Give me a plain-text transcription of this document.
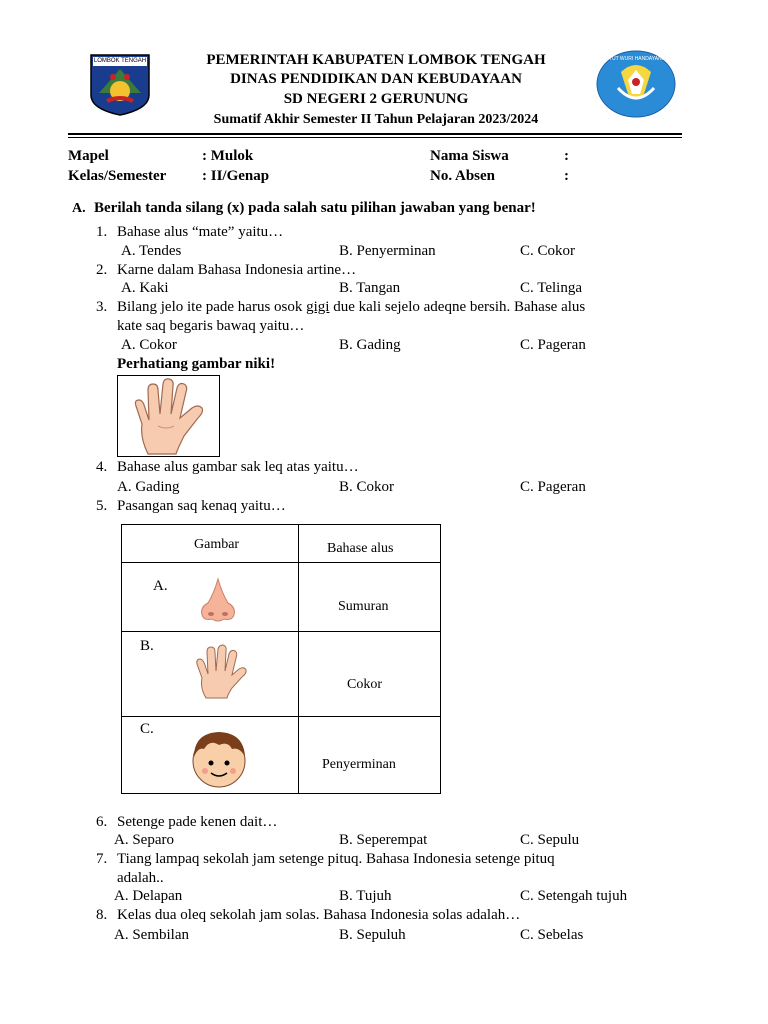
LOMBOK TENGAH	TUT WURI HANDAYANI
PEMERINTAH KABUPATEN LOMBOK TENGAH
DINAS PENDIDIKAN DAN KEBUDAYAAN
SD NEGERI 2 GERUNUNG
Sumatif Akhir Semester II Tahun Pelajaran 2023/2024
Mapel	: Mulok	Nama Siswa	:
Kelas/Semester : II/Genap	No. Absen	:
A. Berilah tanda silang (x) pada salah satu pilihan jawaban yang benar!
1. Bahase alus “mate” yaitu…
A. Tendes	B. Penyerminan	C. Cokor
2. Karne dalam Bahasa Indonesia artine…
A. Kaki	B. Tangan	C. Telinga
3. Bilang jelo ite pade harus osok gigi due kali sejelo adeqne bersih. Bahase alus
kate saq begaris bawaq yaitu…
A. Cokor	B. Gading	C. Pageran
Perhatiang gambar niki!
4. Bahase alus gambar sak leq atas yaitu…
A. Gading	B. Cokor	C. Pageran
5. Pasangan saq kenaq yaitu…
Gambar	Bahase alus

A.	Sumuran

B.	Cokor

C.	Penyerminan
6. Setenge pade kenen dait…
A. Separo	B. Seperempat	C. Sepulu
7. Tiang lampaq sekolah jam setenge pituq. Bahasa Indonesia setenge pituq
adalah..
A. Delapan	B. Tujuh	C. Setengah tujuh
8. Kelas dua oleq sekolah jam solas. Bahasa Indonesia solas adalah…
A. Sembilan	B. Sepuluh	C. Sebelas
